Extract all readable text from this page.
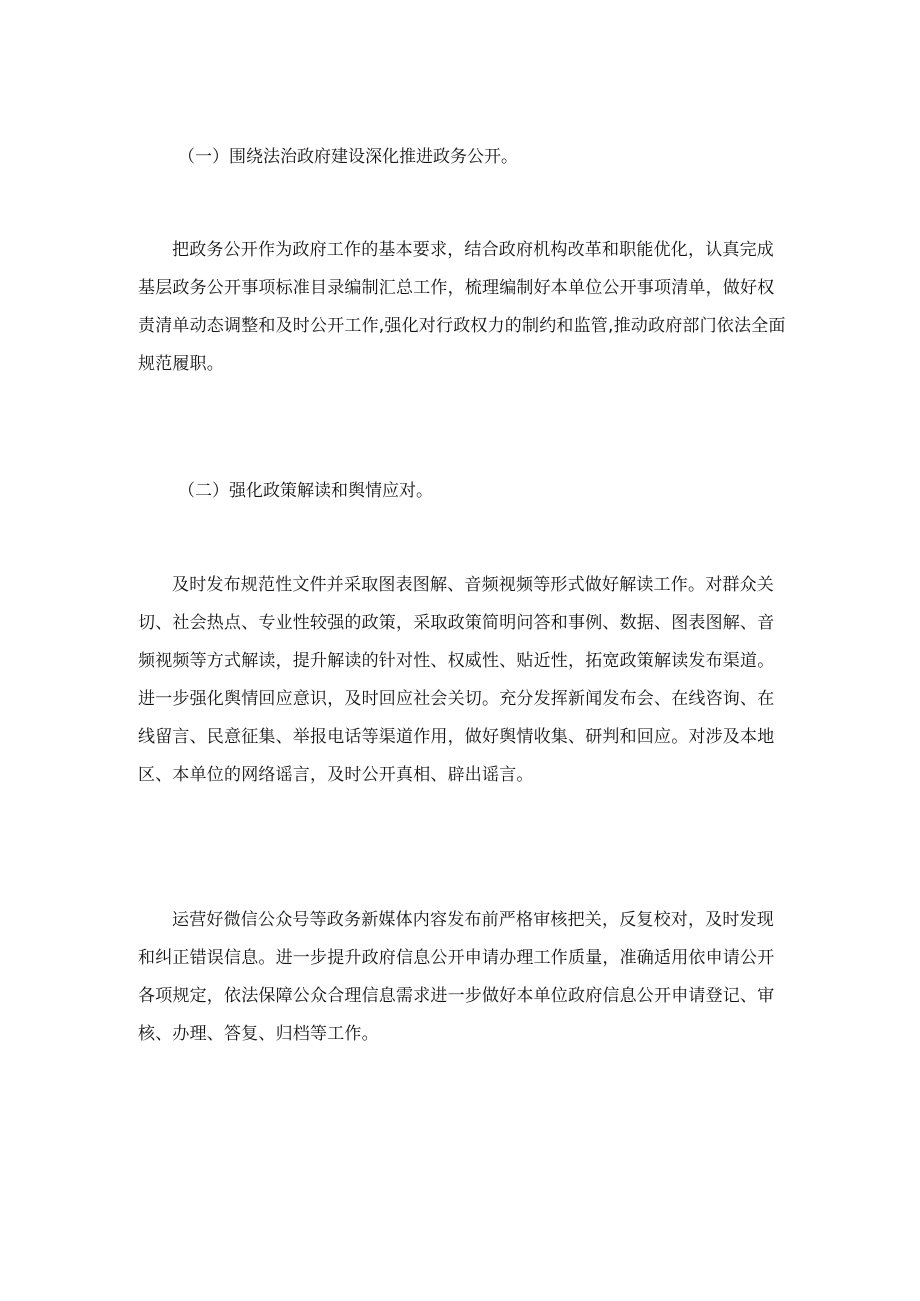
（一）围绕法治政府建设深化推进政务公开。

把政务公开作为政府工作的基本要求，结合政府机构改革和职能优化，认真完成基层政务公开事项标准目录编制汇总工作，梳理编制好本单位公开事项清单，做好权责清单动态调整和及时公开工作,强化对行政权力的制约和监管,推动政府部门依法全面规范履职。

（二）强化政策解读和舆情应对。

及时发布规范性文件并采取图表图解、音频视频等形式做好解读工作。对群众关切、社会热点、专业性较强的政策，采取政策简明问答和事例、数据、图表图解、音频视频等方式解读，提升解读的针对性、权威性、贴近性，拓宽政策解读发布渠道。进一步强化舆情回应意识，及时回应社会关切。充分发挥新闻发布会、在线咨询、在线留言、民意征集、举报电话等渠道作用，做好舆情收集、研判和回应。对涉及本地区、本单位的网络谣言，及时公开真相、辟出谣言。

运营好微信公众号等政务新媒体内容发布前严格审核把关，反复校对，及时发现和纠正错误信息。进一步提升政府信息公开申请办理工作质量，准确适用依申请公开各项规定，依法保障公众合理信息需求进一步做好本单位政府信息公开申请登记、审核、办理、答复、归档等工作。
